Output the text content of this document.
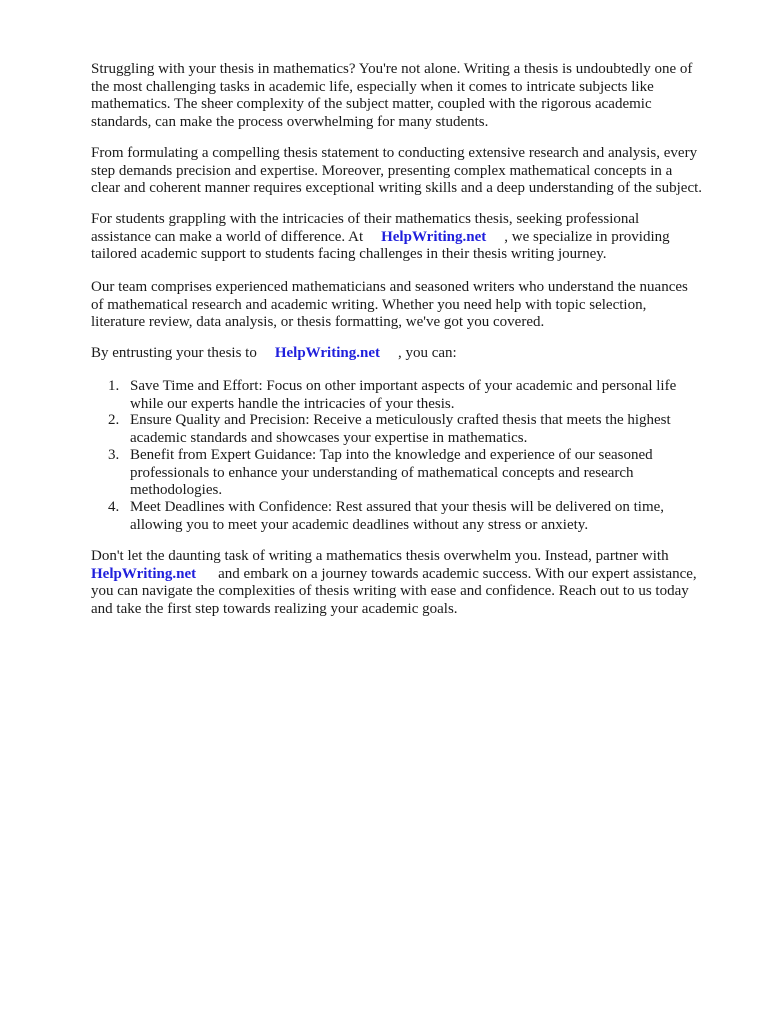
Struggling with your thesis in mathematics? You're not alone. Writing a thesis is undoubtedly one of
the most challenging tasks in academic life, especially when it comes to intricate subjects like
mathematics. The sheer complexity of the subject matter, coupled with the rigorous academic
standards, can make the process overwhelming for many students.

From formulating a compelling thesis statement to conducting extensive research and analysis, every
step demands precision and expertise. Moreover, presenting complex mathematical concepts in a
clear and coherent manner requires exceptional writing skills and a deep understanding of the subject.

For students grappling with the intricacies of their mathematics thesis, seeking professional
assistance can make a world of difference. At HelpWriting.net , we specialize in providing
tailored academic support to students facing challenges in their thesis writing journey.

Our team comprises experienced mathematicians and seasoned writers who understand the nuances
of mathematical research and academic writing. Whether you need help with topic selection,
literature review, data analysis, or thesis formatting, we've got you covered.

By entrusting your thesis to HelpWriting.net , you can:

1. Save Time and Effort: Focus on other important aspects of your academic and personal life
while our experts handle the intricacies of your thesis.
2. Ensure Quality and Precision: Receive a meticulously crafted thesis that meets the highest
academic standards and showcases your expertise in mathematics.
3. Benefit from Expert Guidance: Tap into the knowledge and experience of our seasoned
professionals to enhance your understanding of mathematical concepts and research
methodologies.
4. Meet Deadlines with Confidence: Rest assured that your thesis will be delivered on time,
allowing you to meet your academic deadlines without any stress or anxiety.

Don't let the daunting task of writing a mathematics thesis overwhelm you. Instead, partner with
HelpWriting.net and embark on a journey towards academic success. With our expert assistance,
you can navigate the complexities of thesis writing with ease and confidence. Reach out to us today
and take the first step towards realizing your academic goals.
